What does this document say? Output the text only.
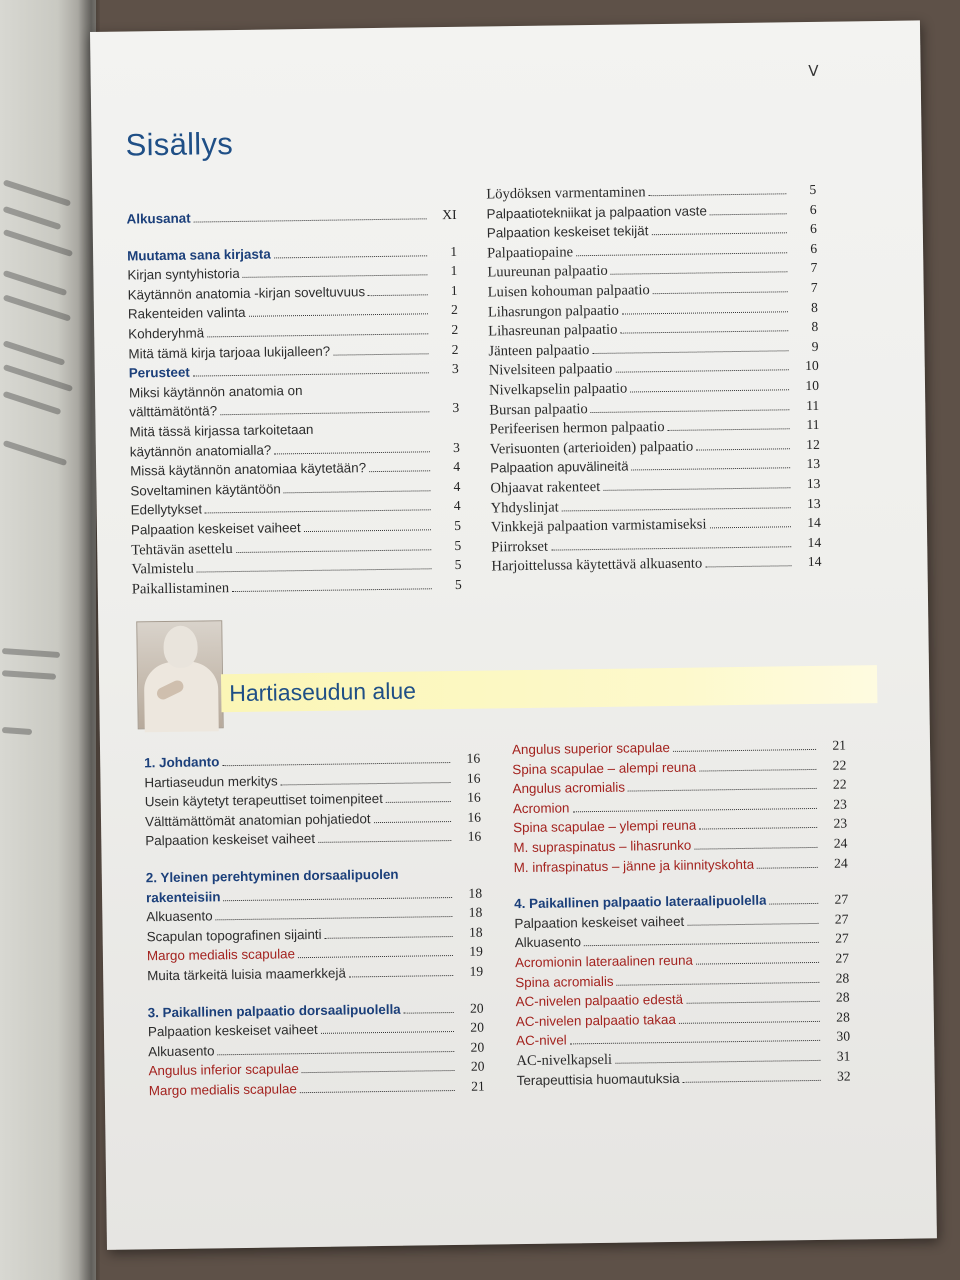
V
Sisällys
Alkusanat	XI
Muutama sana kirjasta	1
Kirjan syntyhistoria	1
Käytännön anatomia -kirjan soveltuvuus	1
Rakenteiden valinta	2
Kohderyhmä	2
Mitä tämä kirja tarjoaa lukijalleen?	2
Perusteet	3
Miksi käytännön anatomia on
välttämätöntä?	3
Mitä tässä kirjassa tarkoitetaan
käytännön anatomialla?	3
Missä käytännön anatomiaa käytetään?	4
Soveltaminen käytäntöön	4
Edellytykset	4
Palpaation keskeiset vaiheet	5
Tehtävän asettelu	5
Valmistelu	5
Paikallistaminen	5
Löydöksen varmentaminen	5
Palpaatiotekniikat ja palpaation vaste	6
Palpaation keskeiset tekijät	6
Palpaatiopaine	6
Luureunan palpaatio	7
Luisen kohouman palpaatio	7
Lihasrungon palpaatio	8
Lihasreunan palpaatio	8
Jänteen palpaatio	9
Nivelsiteen palpaatio	10
Nivelkapselin palpaatio	10
Bursan palpaatio	11
Perifeerisen hermon palpaatio	11
Verisuonten (arterioiden) palpaatio	12
Palpaation apuvälineitä	13
Ohjaavat rakenteet	13
Yhdyslinjat	13
Vinkkejä palpaation varmistamiseksi	14
Piirrokset	14
Harjoittelussa käytettävä alkuasento	14
Hartiaseudun alue
1. Johdanto	16
Hartiaseudun merkitys	16
Usein käytetyt terapeuttiset toimenpiteet	16
Välttämättömät anatomian pohjatiedot	16
Palpaation keskeiset vaiheet	16
2. Yleinen perehtyminen dorsaalipuolen
rakenteisiin	18
Alkuasento	18
Scapulan topografinen sijainti	18
Margo medialis scapulae	19
Muita tärkeitä luisia maamerkkejä	19
3. Paikallinen palpaatio dorsaalipuolella	20
Palpaation keskeiset vaiheet	20
Alkuasento	20
Angulus inferior scapulae	20
Margo medialis scapulae	21
Angulus superior scapulae	21
Spina scapulae – alempi reuna	22
Angulus acromialis	22
Acromion	23
Spina scapulae – ylempi reuna	23
M. supraspinatus – lihasrunko	24
M. infraspinatus – jänne ja kiinnityskohta	24
4. Paikallinen palpaatio lateraalipuolella	27
Palpaation keskeiset vaiheet	27
Alkuasento	27
Acromionin lateraalinen reuna	27
Spina acromialis	28
AC-nivelen palpaatio edestä	28
AC-nivelen palpaatio takaa	28
AC-nivel	30
AC-nivelkapseli	31
Terapeuttisia huomautuksia	32
